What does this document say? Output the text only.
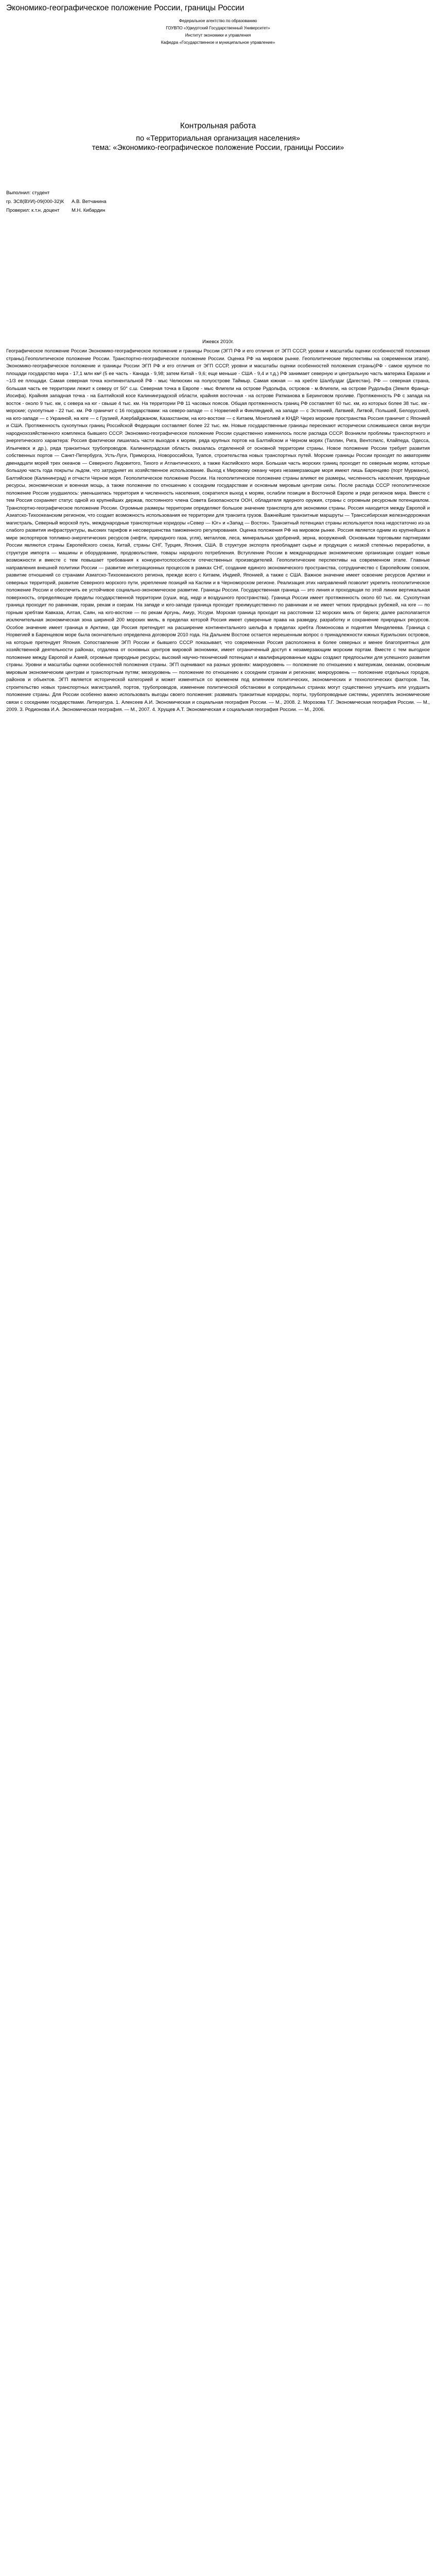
Экономико-географическое положение России, границы России
Федеральное агентство по образованию
ГОУВПО «Удмуртский Государственный Университет»
Институт экономики и управления
Кафедра «Государственное и муниципальное управление»
Контрольная работа
по «Территориальная организация населения»
тема: «Экономико-географическое положение России, границы России»
Выполнил: студент
гр. ЗС8(ВУИ)-09(000-32)К А.В. Ветчанина
Проверил: к.т.н. доцент М.Н. Кибардин
Ижевск 2010г.

Географическое положение России Экономико-географическое положение и границы России (ЭГП РФ и его отличия от ЭГП СССР, уровни и масштабы оценки особенностей положения страны).Геополитическое положение России. Транспортно-географическое положение России. Оценка РФ на мировом рынке. Геополитические перспективы на современном этапе). Экономико-географическое положение и границы России ЭГП РФ и его отличия от ЭГП СССР, уровни и масштабы оценки особенностей положения страны)РФ - самое крупное по площади государство мира - 17,1 млн км² (5 ее часть - Канада - 9,98; затем Китай - 9,6; еще меньше - США - 9,4 и т.д.) РФ занимает северную и центральную часть материка Евразии и ~1/3 ее площади. Самая северная точка континентальной РФ - мыс Челюскин на полуострове Таймыр. Самая южная — на хребте Шалбуздаг (Дагестан). РФ — северная страна, большая часть ее территории лежит к северу от 50° с.ш. Северная точка в Европе - мыс Флигели на острове Рудольфа, островов - м.Флигели, на острове Рудольфа (Земля Франца-Иосифа). Крайняя западная точка - на Балтийской косе Калининградской области, крайняя восточная - на острове Ратманова в Беринговом проливе. Протяженность РФ с запада на восток - около 9 тыс. км, с севера на юг - свыше 4 тыс. км. На территории РФ 11 часовых поясов. Общая протяженность границ РФ составляет 60 тыс. км, из которых более 38 тыс. км - морские; сухопутные - 22 тыс. км. РФ граничит с 16 государствами: на северо-западе — с Норвегией и Финляндией, на западе — с Эстонией, Латвией, Литвой, Польшей, Белоруссией, на юго-западе — с Украиной, на юге — с Грузией, Азербайджаном, Казахстаном, на юго-востоке — с Китаем, Монголией и КНДР. Через морские пространства Россия граничит с Японией и США. Протяженность сухопутных границ Российской Федерации составляет более 22 тыс. км. Новые государственные границы пересекают исторически сложившиеся связи внутри народнохозяйственного комплекса бывшего СССР. Экономико-географическое положение России существенно изменилось после распада СССР. Возникли проблемы транспортного и энергетического характера: Россия фактически лишилась части выходов к морям, ряда крупных портов на Балтийском и Черном морях (Таллин, Рига, Вентспилс, Клайпеда, Одесса, Ильичевск и др.), ряда транзитных трубопроводов. Калининградская область оказалась отделенной от основной территории страны. Новое положение России требует развития собственных портов — Санкт-Петербурга, Усть-Луги, Приморска, Новороссийска, Туапсе, строительства новых транспортных путей. Морские границы России проходят по акваториям двенадцати морей трех океанов — Северного Ледовитого, Тихого и Атлантического, а также Каспийского моря. Большая часть морских границ проходит по северным морям, которые большую часть года покрыты льдом, что затрудняет их хозяйственное использование. Выход к Мировому океану через незамерзающие моря имеют лишь Баренцево (порт Мурманск), Балтийское (Калининград) и отчасти Черное моря. Геополитическое положение России. На геополитическое положение страны влияют ее размеры, численность населения, природные ресурсы, экономическая и военная мощь, а также положение по отношению к соседним государствам и основным мировым центрам силы. После распада СССР геополитическое положение России ухудшилось: уменьшилась территория и численность населения, сократился выход к морям, ослабли позиции в Восточной Европе и ряде регионов мира. Вместе с тем Россия сохраняет статус одной из крупнейших держав, постоянного члена Совета Безопасности ООН, обладателя ядерного оружия, страны с огромным ресурсным потенциалом. Транспортно-географическое положение России. Огромные размеры территории определяют большое значение транспорта для экономики страны. Россия находится между Европой и Азиатско-Тихоокеанским регионом, что создает возможность использования ее территории для транзита грузов. Важнейшие транзитные маршруты — Транссибирская железнодорожная магистраль, Северный морской путь, международные транспортные коридоры «Север — Юг» и «Запад — Восток». Транзитный потенциал страны используется пока недостаточно из-за слабого развития инфраструктуры, высоких тарифов и несовершенства таможенного регулирования. Оценка положения РФ на мировом рынке. Россия является одним из крупнейших в мире экспортеров топливно-энергетических ресурсов (нефти, природного газа, угля), металлов, леса, минеральных удобрений, зерна, вооружений. Основными торговыми партнерами России являются страны Европейского союза, Китай, страны СНГ, Турция, Япония, США. В структуре экспорта преобладает сырье и продукция с низкой степенью переработки, в структуре импорта — машины и оборудование, продовольствие, товары народного потребления. Вступление России в международные экономические организации создает новые возможности и вместе с тем повышает требования к конкурентоспособности отечественных производителей. Геополитические перспективы на современном этапе. Главные направления внешней политики России — развитие интеграционных процессов в рамках СНГ, создание единого экономического пространства, сотрудничество с Европейским союзом, развитие отношений со странами Азиатско-Тихоокеанского региона, прежде всего с Китаем, Индией, Японией, а также с США. Важное значение имеет освоение ресурсов Арктики и северных территорий, развитие Северного морского пути, укрепление позиций на Каспии и в Черноморском регионе. Реализация этих направлений позволит укрепить геополитическое положение России и обеспечить ее устойчивое социально-экономическое развитие. Границы России. Государственная граница — это линия и проходящая по этой линии вертикальная поверхность, определяющие пределы государственной территории (суши, вод, недр и воздушного пространства). Граница России имеет протяженность около 60 тыс. км. Сухопутная граница проходит по равнинам, горам, рекам и озерам. На западе и юго-западе граница проходит преимущественно по равнинам и не имеет четких природных рубежей, на юге — по горным хребтам Кавказа, Алтая, Саян, на юго-востоке — по рекам Аргунь, Амур, Уссури. Морская граница проходит на расстоянии 12 морских миль от берега; далее располагается исключительная экономическая зона шириной 200 морских миль, в пределах которой Россия имеет суверенные права на разведку, разработку и сохранение природных ресурсов. Особое значение имеет граница в Арктике, где Россия претендует на расширение континентального шельфа в пределах хребта Ломоносова и поднятия Менделеева. Граница с Норвегией в Баренцевом море была окончательно определена договором 2010 года. На Дальнем Востоке остается нерешенным вопрос о принадлежности южных Курильских островов, на которые претендует Япония. Сопоставление ЭГП России и бывшего СССР показывает, что современная Россия расположена в более северных и менее благоприятных для хозяйственной деятельности районах, отдалена от основных центров мировой экономики, имеет ограниченный доступ к незамерзающим морским портам. Вместе с тем выгодное положение между Европой и Азией, огромные природные ресурсы, высокий научно-технический потенциал и квалифицированные кадры создают предпосылки для успешного развития страны. Уровни и масштабы оценки особенностей положения страны. ЭГП оценивают на разных уровнях: макроуровень — положение по отношению к материкам, океанам, основным мировым экономическим центрам и транспортным путям; мезоуровень — положение по отношению к соседним странам и регионам; микроуровень — положение отдельных городов, районов и объектов. ЭГП является исторической категорией и может изменяться со временем под влиянием политических, экономических и технологических факторов. Так, строительство новых транспортных магистралей, портов, трубопроводов, изменение политической обстановки в сопредельных странах могут существенно улучшить или ухудшить положение страны. Для России особенно важно использовать выгоды своего положения: развивать транзитные коридоры, порты, трубопроводные системы, укреплять экономические связи с соседними государствами. Литература. 1. Алексеев А.И. Экономическая и социальная география России. — М., 2008. 2. Морозова Т.Г. Экономическая география России. — М., 2009. 3. Родионова И.А. Экономическая география. — М., 2007. 4. Хрущев А.Т. Экономическая и социальная география России. — М., 2006.
